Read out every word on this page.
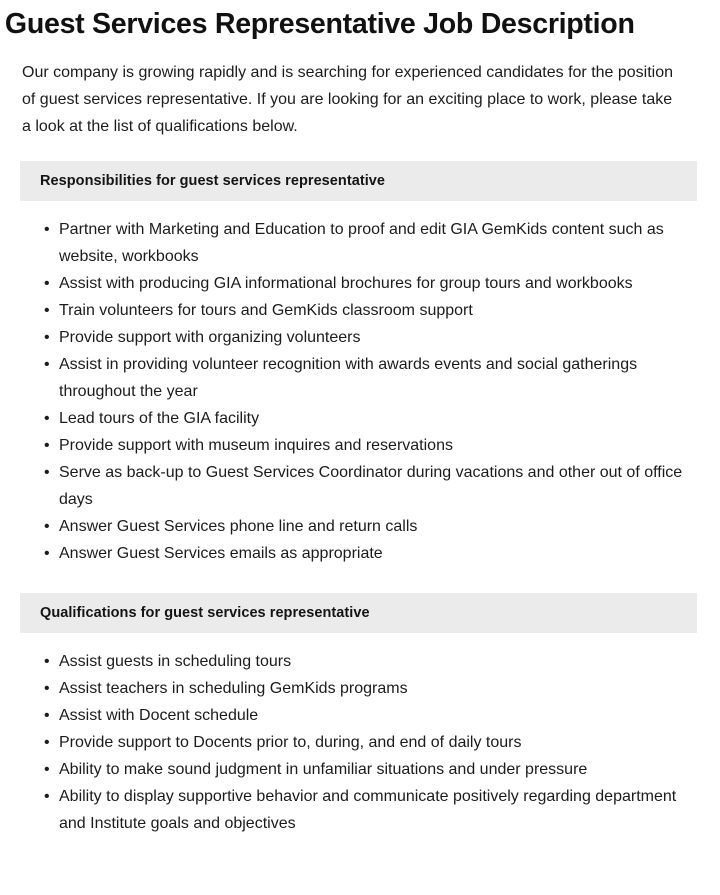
Guest Services Representative Job Description

Our company is growing rapidly and is searching for experienced candidates for the position of guest services representative. If you are looking for an exciting place to work, please take a look at the list of qualifications below.

Responsibilities for guest services representative
• Partner with Marketing and Education to proof and edit GIA GemKids content such as website, workbooks
• Assist with producing GIA informational brochures for group tours and workbooks
• Train volunteers for tours and GemKids classroom support
• Provide support with organizing volunteers
• Assist in providing volunteer recognition with awards events and social gatherings throughout the year
• Lead tours of the GIA facility
• Provide support with museum inquires and reservations
• Serve as back-up to Guest Services Coordinator during vacations and other out of office days
• Answer Guest Services phone line and return calls
• Answer Guest Services emails as appropriate
Qualifications for guest services representative
• Assist guests in scheduling tours
• Assist teachers in scheduling GemKids programs
• Assist with Docent schedule
• Provide support to Docents prior to, during, and end of daily tours
• Ability to make sound judgment in unfamiliar situations and under pressure
• Ability to display supportive behavior and communicate positively regarding department and Institute goals and objectives
